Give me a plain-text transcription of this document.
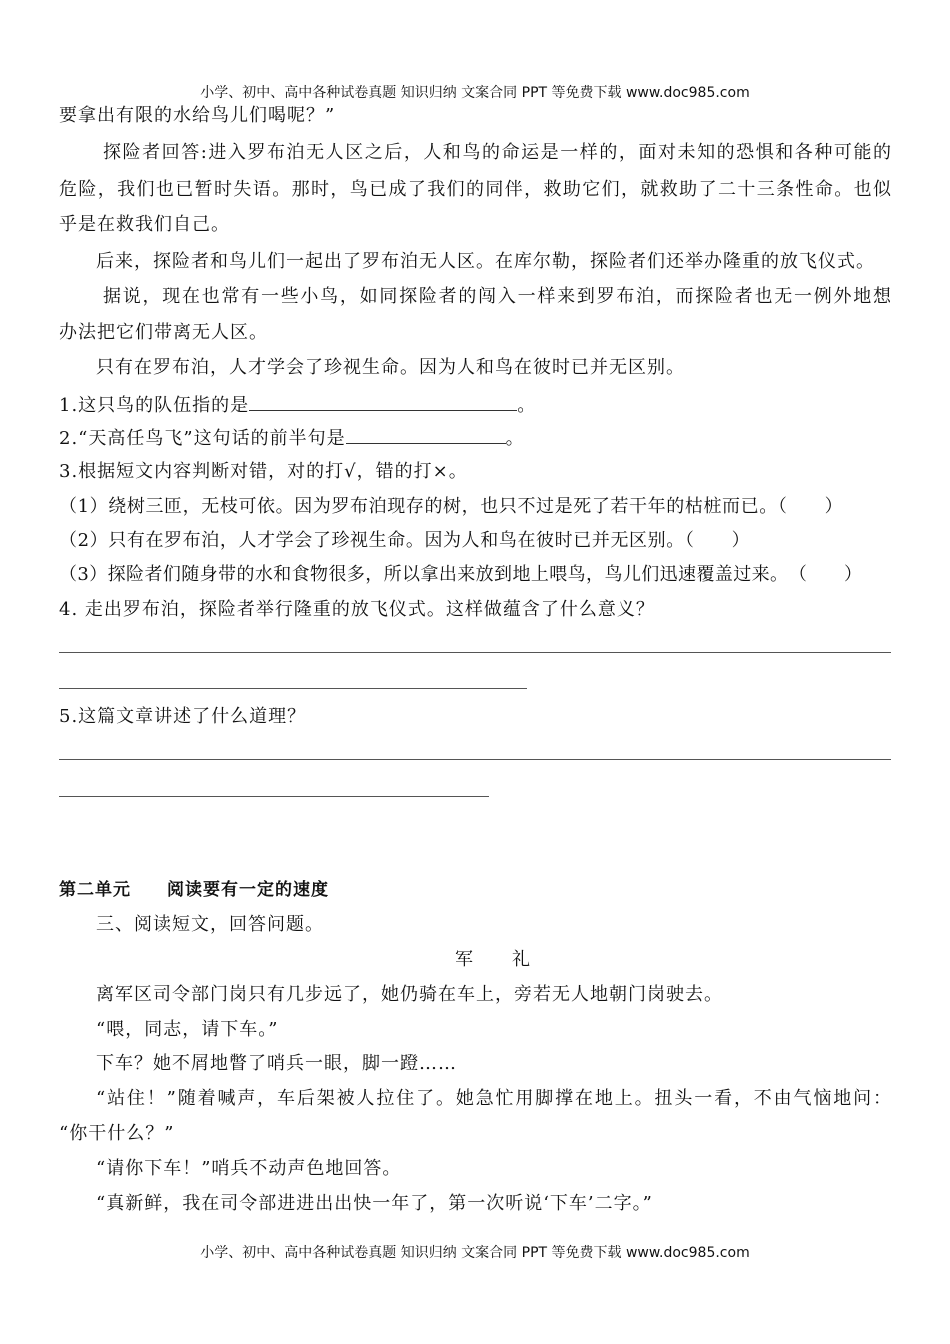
小学、初中、高中各种试卷真题 知识归纳 文案合同 PPT 等免费下载 www.doc985.com
要拿出有限的水给鸟儿们喝呢？”
探险者回答:进入罗布泊无人区之后，人和鸟的命运是一样的，面对未知的恐惧和各种可能的
危险，我们也已暂时失语。那时，鸟已成了我们的同伴，救助它们，就救助了二十三条性命。也似
乎是在救我们自己。
后来，探险者和鸟儿们一起出了罗布泊无人区。在库尔勒，探险者们还举办隆重的放飞仪式。
据说，现在也常有一些小鸟，如同探险者的闯入一样来到罗布泊，而探险者也无一例外地想
办法把它们带离无人区。
只有在罗布泊，人才学会了珍视生命。因为人和鸟在彼时已并无区别。
1.这只鸟的队伍指的是	。
2.“天高任鸟飞”这句话的前半句是	。
3.根据短文内容判断对错，对的打√，错的打×。
（1）绕树三匝，无枝可依。因为罗布泊现存的树，也只不过是死了若干年的枯桩而已。（　　）
（2）只有在罗布泊，人才学会了珍视生命。因为人和鸟在彼时已并无区别。（　　）
（3）探险者们随身带的水和食物很多，所以拿出来放到地上喂鸟，鸟儿们迅速覆盖过来。　（　　）
4. 走出罗布泊，探险者举行隆重的放飞仪式。这样做蕴含了什么意义？
5.这篇文章讲述了什么道理？
第二单元　　阅读要有一定的速度
三、阅读短文，回答问题。
军　　礼
离军区司令部门岗只有几步远了，她仍骑在车上，旁若无人地朝门岗驶去。
“喂，同志，请下车。”
下车？她不屑地瞥了哨兵一眼，脚一蹬……
“站住！”随着喊声，车后架被人拉住了。她急忙用脚撑在地上。扭头一看，不由气恼地问：
“你干什么？”
“请你下车！”哨兵不动声色地回答。
“真新鲜，我在司令部进进出出快一年了，第一次听说‘下车’二字。”
小学、初中、高中各种试卷真题 知识归纳 文案合同 PPT 等免费下载 www.doc985.com
